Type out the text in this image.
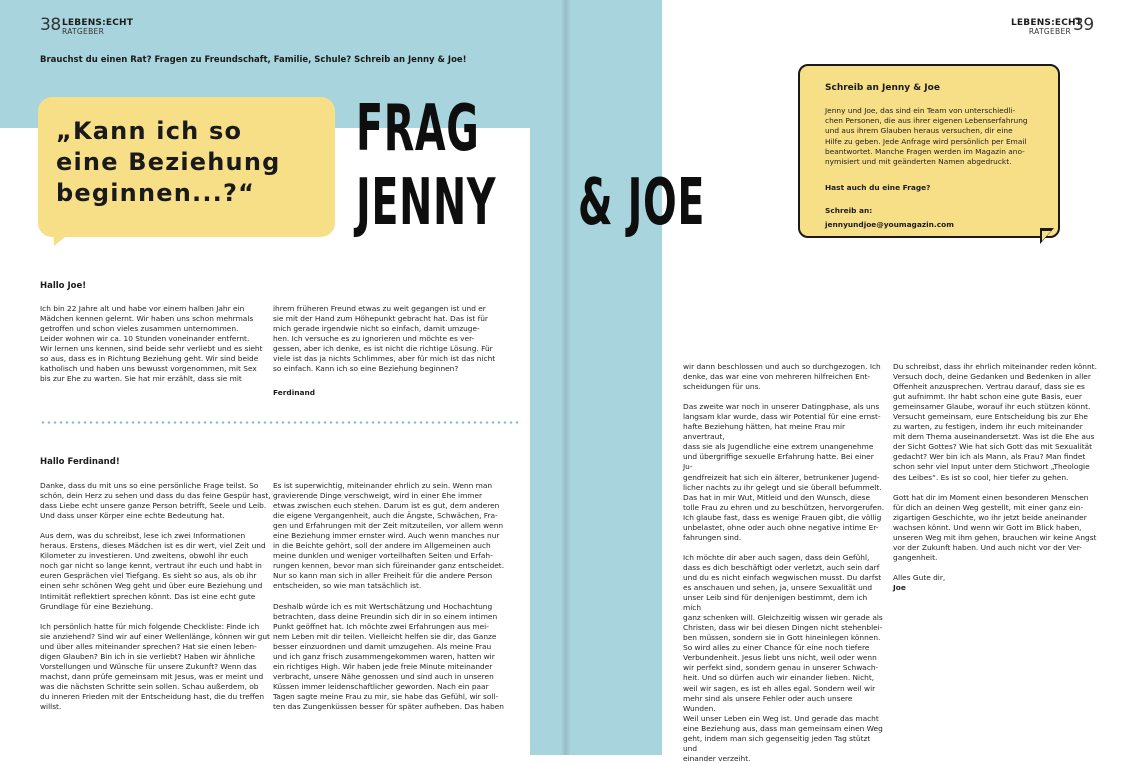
38 LEBENS:ECHT
RATGEBER
LEBENS:ECHT
RATGEBER 39
Brauchst du einen Rat? Fragen zu Freundschaft, Familie, Schule? Schreib an Jenny & Joe!
„Kann ich so
eine Beziehung
beginnen...?“
FRAG
JENNY & JOE
Schreib an Jenny & Joe
Jenny und Joe, das sind ein Team von unterschiedli-
chen Personen, die aus ihrer eigenen Lebenserfahrung
und aus ihrem Glauben heraus versuchen, dir eine
Hilfe zu geben. Jede Anfrage wird persönlich per Email
beantwortet. Manche Fragen werden im Magazin ano-
nymisiert und mit geänderten Namen abgedruckt.
Hast auch du eine Frage?
Schreib an:
jennyundjoe@youmagazin.com
Hallo Joe!
Ich bin 22 Jahre alt und habe vor einem halben Jahr ein
Mädchen kennen gelernt. Wir haben uns schon mehrmals
getroffen und schon vieles zusammen unternommen.
Leider wohnen wir ca. 10 Stunden voneinander entfernt.
Wir lernen uns kennen, sind beide sehr verliebt und es sieht
so aus, dass es in Richtung Beziehung geht. Wir sind beide
katholisch und haben uns bewusst vorgenommen, mit Sex
bis zur Ehe zu warten. Sie hat mir erzählt, dass sie mit
ihrem früheren Freund etwas zu weit gegangen ist und er
sie mit der Hand zum Höhepunkt gebracht hat. Das ist für
mich gerade irgendwie nicht so einfach, damit umzuge-
hen. Ich versuche es zu ignorieren und möchte es ver-
gessen, aber ich denke, es ist nicht die richtige Lösung. Für
viele ist das ja nichts Schlimmes, aber für mich ist das nicht
so einfach. Kann ich so eine Beziehung beginnen?
Ferdinand
Hallo Ferdinand!

Danke, dass du mit uns so eine persönliche Frage teilst. So
schön, dein Herz zu sehen und dass du das feine Gespür hast,
dass Liebe echt unsere ganze Person betrifft, Seele und Leib.
Und dass unser Körper eine echte Bedeutung hat.

Aus dem, was du schreibst, lese ich zwei Informationen
heraus. Erstens, dieses Mädchen ist es dir wert, viel Zeit und
Kilometer zu investieren. Und zweitens, obwohl ihr euch
noch gar nicht so lange kennt, vertraut ihr euch und habt in
euren Gesprächen viel Tiefgang. Es sieht so aus, als ob ihr
einen sehr schönen Weg geht und über eure Beziehung und
Intimität reflektiert sprechen könnt. Das ist eine echt gute
Grundlage für eine Beziehung.

Ich persönlich hatte für mich folgende Checkliste: Finde ich
sie anziehend? Sind wir auf einer Wellenlänge, können wir gut
und über alles miteinander sprechen? Hat sie einen leben-
digen Glauben? Bin ich in sie verliebt? Haben wir ähnliche
Vorstellungen und Wünsche für unsere Zukunft? Wenn das
machst, dann prüfe gemeinsam mit Jesus, was er meint und
was die nächsten Schritte sein sollen. Schau außerdem, ob
du inneren Frieden mit der Entscheidung hast, die du treffen
willst.

Es ist superwichtig, miteinander ehrlich zu sein. Wenn man
gravierende Dinge verschweigt, wird in einer Ehe immer
etwas zwischen euch stehen. Darum ist es gut, dem anderen
die eigene Vergangenheit, auch die Ängste, Schwächen, Fra-
gen und Erfahrungen mit der Zeit mitzuteilen, vor allem wenn
eine Beziehung immer ernster wird. Auch wenn manches nur
in die Beichte gehört, soll der andere im Allgemeinen auch
meine dunklen und weniger vorteilhaften Seiten und Erfah-
rungen kennen, bevor man sich füreinander ganz entscheidet.
Nur so kann man sich in aller Freiheit für die andere Person
entscheiden, so wie man tatsächlich ist.

Deshalb würde ich es mit Wertschätzung und Hochachtung
betrachten, dass deine Freundin sich dir in so einem intimen
Punkt geöffnet hat. Ich möchte zwei Erfahrungen aus mei-
nem Leben mit dir teilen. Vielleicht helfen sie dir, das Ganze
besser einzuordnen und damit umzugehen. Als meine Frau
und ich ganz frisch zusammengekommen waren, hatten wir
ein richtiges High. Wir haben jede freie Minute miteinander
verbracht, unsere Nähe genossen und sind auch in unseren
Küssen immer leidenschaftlicher geworden. Nach ein paar
Tagen sagte meine Frau zu mir, sie habe das Gefühl, wir soll-
ten das Zungenküssen besser für später aufheben. Das haben

wir dann beschlossen und auch so durchgezogen. Ich
denke, das war eine von mehreren hilfreichen Ent-
scheidungen für uns.

Das zweite war noch in unserer Datingphase, als uns
langsam klar wurde, dass wir Potential für eine ernst-
hafte Beziehung hätten, hat meine Frau mir anvertraut,
dass sie als Jugendliche eine extrem unangenehme
und übergriffige sexuelle Erfahrung hatte. Bei einer Ju-
gendfreizeit hat sich ein älterer, betrunkener Jugend-
licher nachts zu ihr gelegt und sie überall befummelt.
Das hat in mir Wut, Mitleid und den Wunsch, diese
tolle Frau zu ehren und zu beschützen, hervorgerufen.
Ich glaube fast, dass es wenige Frauen gibt, die völlig
unbelastet, ohne oder auch ohne negative intime Er-
fahrungen sind.

Ich möchte dir aber auch sagen, dass dein Gefühl,
dass es dich beschäftigt oder verletzt, auch sein darf
und du es nicht einfach wegwischen musst. Du darfst
es anschauen und sehen, ja, unsere Sexualität und
unser Leib sind für denjenigen bestimmt, dem ich mich
ganz schenken will. Gleichzeitig wissen wir gerade als
Christen, dass wir bei diesen Dingen nicht stehenblei-
ben müssen, sondern sie in Gott hineinlegen können.
So wird alles zu einer Chance für eine noch tiefere
Verbundenheit. Jesus liebt uns nicht, weil oder wenn
wir perfekt sind, sondern genau in unserer Schwach-
heit. Und so dürfen auch wir einander lieben. Nicht,
weil wir sagen, es ist eh alles egal. Sondern weil wir
mehr sind als unsere Fehler oder auch unsere Wunden.
Weil unser Leben ein Weg ist. Und gerade das macht
eine Beziehung aus, dass man gemeinsam einen Weg
geht, indem man sich gegenseitig jeden Tag stützt und
einander verzeiht.

Du schreibst, dass ihr ehrlich miteinander reden könnt.
Versuch doch, deine Gedanken und Bedenken in aller
Offenheit anzusprechen. Vertrau darauf, dass sie es
gut aufnimmt. Ihr habt schon eine gute Basis, euer
gemeinsamer Glaube, worauf ihr euch stützen könnt.
Versucht gemeinsam, eure Entscheidung bis zur Ehe
zu warten, zu festigen, indem ihr euch miteinander
mit dem Thema auseinandersetzt. Was ist die Ehe aus
der Sicht Gottes? Wie hat sich Gott das mit Sexualität
gedacht? Wer bin ich als Mann, als Frau? Man findet
schon sehr viel Input unter dem Stichwort „Theologie
des Leibes“. Es ist so cool, hier tiefer zu gehen.

Gott hat dir im Moment einen besonderen Menschen
für dich an deinen Weg gestellt, mit einer ganz ein-
zigartigen Geschichte, wo ihr jetzt beide aneinander
wachsen könnt. Und wenn wir Gott im Blick haben,
unseren Weg mit ihm gehen, brauchen wir keine Angst
vor der Zukunft haben. Und auch nicht vor der Ver-
gangenheit.

Alles Gute dir,
Joe
